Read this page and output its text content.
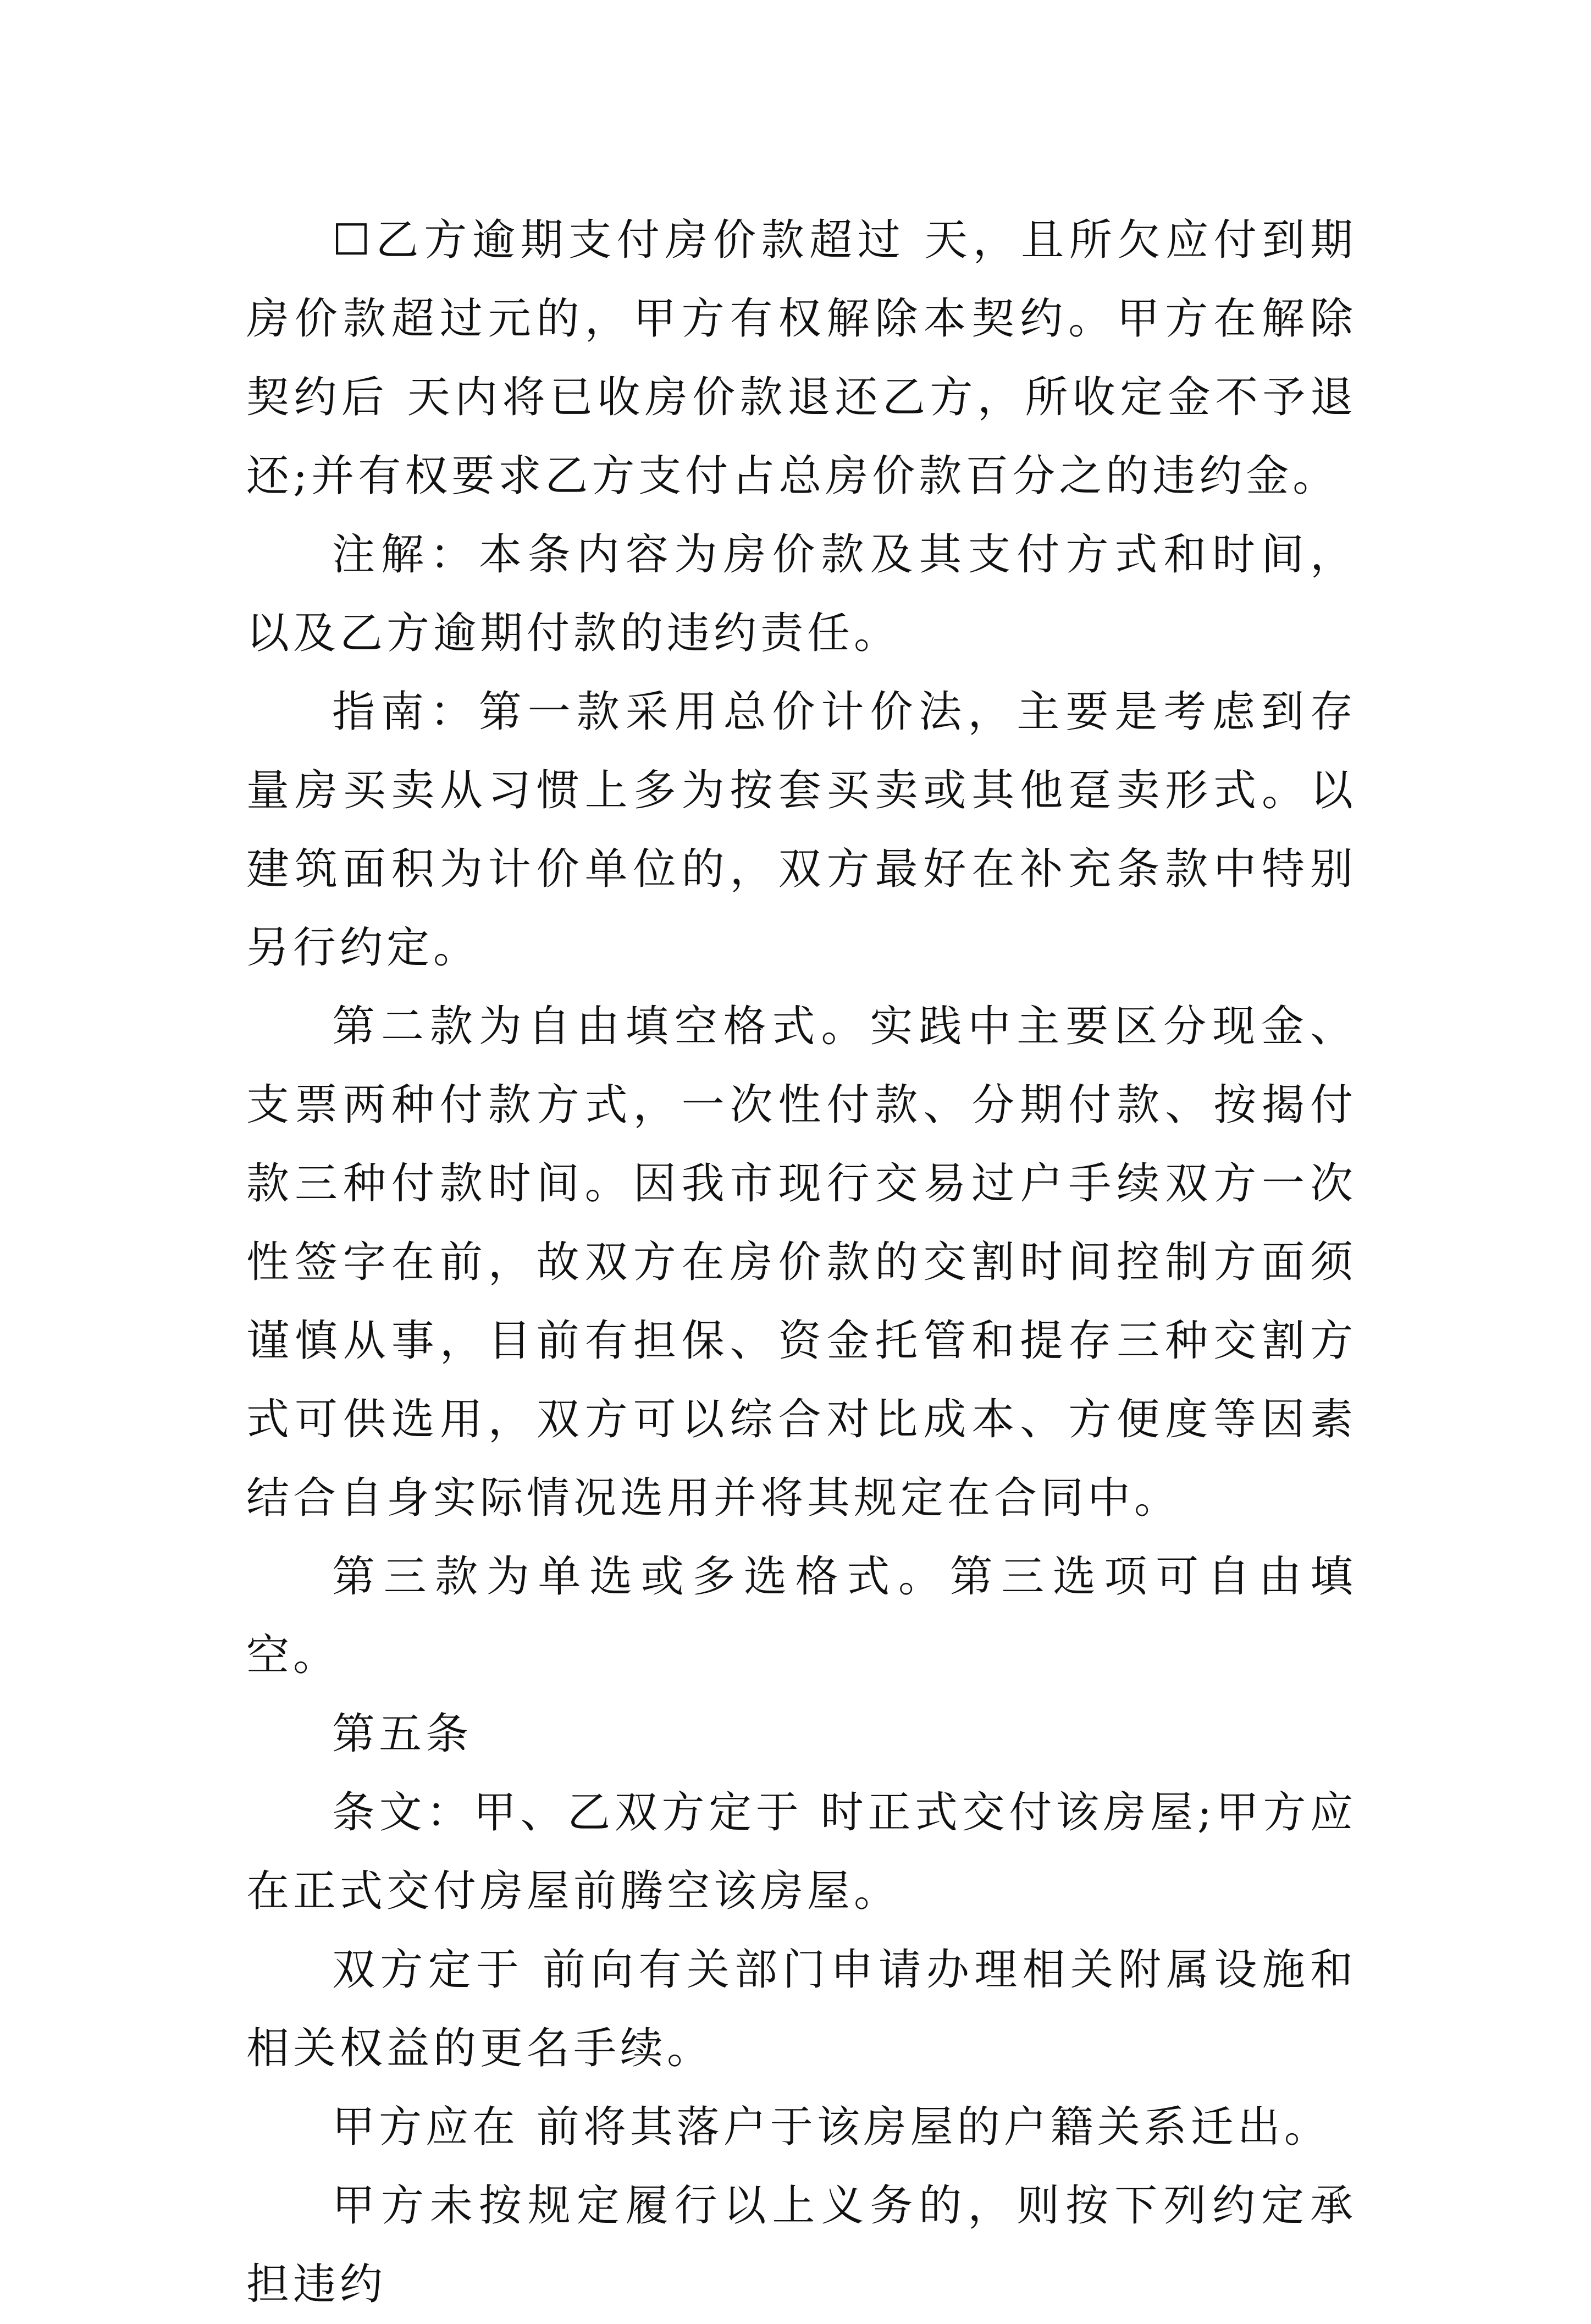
☐乙方逾期支付房价款超过 天，且所欠应付到期房价款超过元的，甲方有权解除本契约。甲方在解除契约后 天内将已收房价款退还乙方，所收定金不予退还;并有权要求乙方支付占总房价款百分之的违约金。

注解：本条内容为房价款及其支付方式和时间，以及乙方逾期付款的违约责任。

指南：第一款采用总价计价法，主要是考虑到存量房买卖从习惯上多为按套买卖或其他趸卖形式。以建筑面积为计价单位的，双方最好在补充条款中特别另行约定。

第二款为自由填空格式。实践中主要区分现金、支票两种付款方式，一次性付款、分期付款、按揭付款三种付款时间。因我市现行交易过户手续双方一次性签字在前，故双方在房价款的交割时间控制方面须谨慎从事，目前有担保、资金托管和提存三种交割方式可供选用，双方可以综合对比成本、方便度等因素结合自身实际情况选用并将其规定在合同中。

第三款为单选或多选格式。第三选项可自由填空。

第五条

条文：甲、乙双方定于 时正式交付该房屋;甲方应在正式交付房屋前腾空该房屋。

双方定于 前向有关部门申请办理相关附属设施和相关权益的更名手续。

甲方应在 前将其落户于该房屋的户籍关系迁出。

甲方未按规定履行以上义务的，则按下列约定承担违约
